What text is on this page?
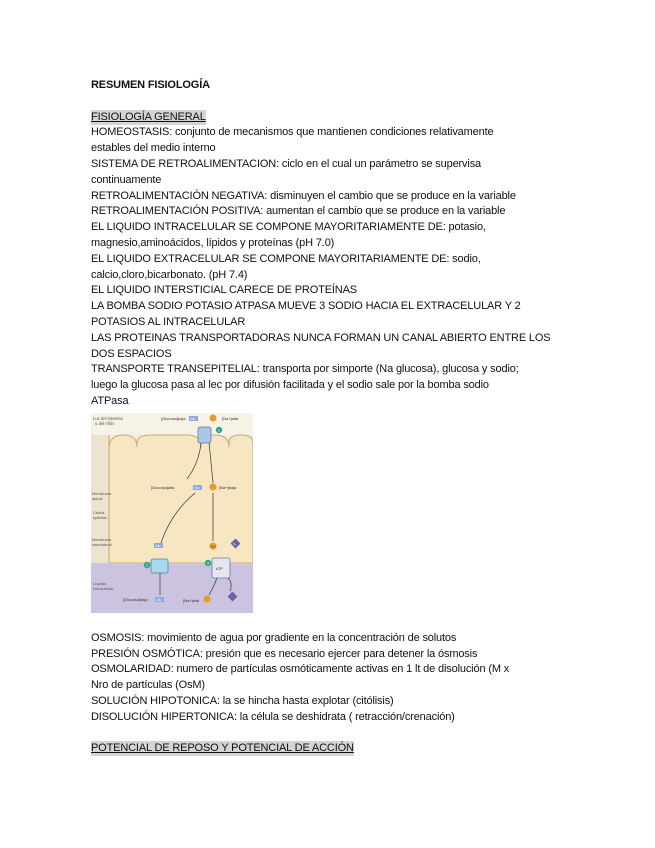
RESUMEN FISIOLOGÍA
FISIOLOGÍA GENERAL
HOMEOSTASIS: conjunto de mecanismos que mantienen condiciones relativamente
estables del medio interno
SISTEMA DE RETROALIMENTACION: ciclo en el cual un parámetro se supervisa
continuamente
RETROALIMENTACIÓN NEGATIVA: disminuyen el cambio que se produce en la variable
RETROALIMENTACIÓN POSITIVA: aumentan el cambio que se produce en la variable
EL LIQUIDO INTRACELULAR SE COMPONE MAYORITARIAMENTE DE: potasio,
magnesio,aminoácidos, lípidos y proteínas (pH 7.0)
EL LIQUIDO EXTRACELULAR SE COMPONE MAYORITARIAMENTE DE: sodio,
calcio,cloro,bicarbonato. (pH 7.4)
EL LIQUIDO INTERSTICIAL CARECE DE PROTEÍNAS
LA BOMBA SODIO POTASIO ATPASA MUEVE 3 SODIO HACIA EL EXTRACELULAR Y 2
POTASIOS AL INTRACELULAR
LAS PROTEINAS TRANSPORTADORAS NUNCA FORMAN UN CANAL ABIERTO ENTRE LOS
DOS ESPACIOS
TRANSPORTE TRANSEPITELIAL: transporta por simporte (Na glucosa), glucosa y sodio;
luego la glucosa pasa al lec por difusión facilitada y el sodio sale por la bomba sodio
ATPasa
Luz del intestino
o del riñón
Membrana
apical
Célula
epitelial
Membrana
basolateral
Líquido
extracelular
[Glucosa]baja Glu	[Na+]alta
1
[Glucosa]alta	Glu	[Na+]baja
Glu
2
Na+
K+
3
ATP
[Glucosa]baja Glu	[Na+]alta
OSMOSIS: movimiento de agua por gradiente en la concentración de solutos
PRESIÓN OSMÓTICA: presión que es necesario ejercer para detener la ósmosis
OSMOLARIDAD: numero de partículas osmóticamente activas en 1 lt de disolución (M x
Nro de partículas (OsM)
SOLUCIÓN HIPOTONICA: la se hincha hasta explotar (citólisis)
DISOLUCIÓN HIPERTONICA: la célula se deshidrata ( retracción/crenación)
POTENCIAL DE REPOSO Y POTENCIAL DE ACCIÓN
